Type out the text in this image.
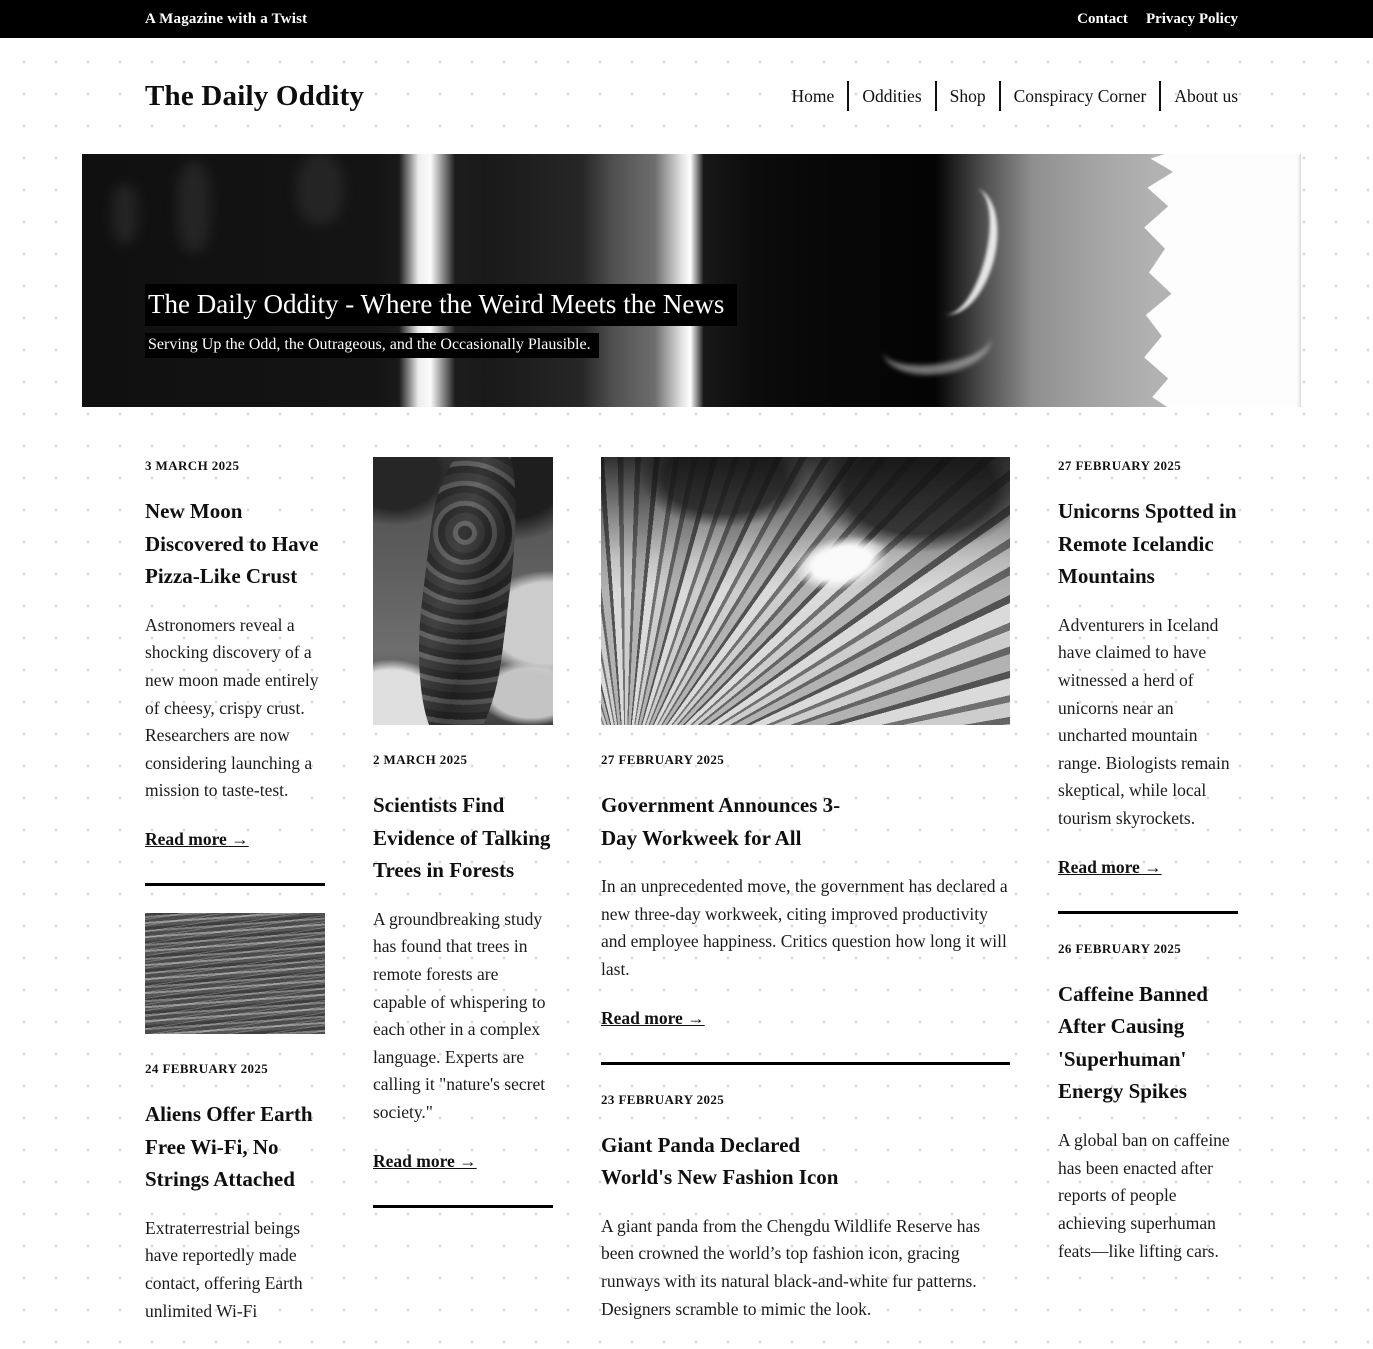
A Magazine with a Twist	Contact Privacy Policy
The Daily Oddity	Home Oddities Shop Conspiracy Corner About us
The Daily Oddity - Where the Weird Meets the News
Serving Up the Odd, the Outrageous, and the Occasionally Plausible.

3 MARCH 2025

New Moon Discovered to Have Pizza-Like Crust

Astronomers reveal a shocking discovery of a new moon made entirely of cheesy, crispy crust. Researchers are now considering launching a mission to taste-test.

Read more →

24 FEBRUARY 2025

Aliens Offer Earth Free Wi-Fi, No Strings Attached

Extraterrestrial beings have reportedly made contact, offering Earth unlimited Wi-Fi

2 MARCH 2025

Scientists Find Evidence of Talking Trees in Forests

A groundbreaking study has found that trees in remote forests are capable of whispering to each other in a complex language. Experts are calling it "nature's secret society."

Read more →

27 FEBRUARY 2025

Government Announces 3-Day Workweek for All

In an unprecedented move, the government has declared a new three-day workweek, citing improved productivity and employee happiness. Critics question how long it will last.

Read more →

23 FEBRUARY 2025

Giant Panda Declared World's New Fashion Icon

A giant panda from the Chengdu Wildlife Reserve has been crowned the world’s top fashion icon, gracing runways with its natural black-and-white fur patterns. Designers scramble to mimic the look.

27 FEBRUARY 2025

Unicorns Spotted in Remote Icelandic Mountains

Adventurers in Iceland have claimed to have witnessed a herd of unicorns near an uncharted mountain range. Biologists remain skeptical, while local tourism skyrockets.

Read more →

26 FEBRUARY 2025

Caffeine Banned After Causing 'Superhuman' Energy Spikes

A global ban on caffeine has been enacted after reports of people achieving superhuman feats—like lifting cars.
